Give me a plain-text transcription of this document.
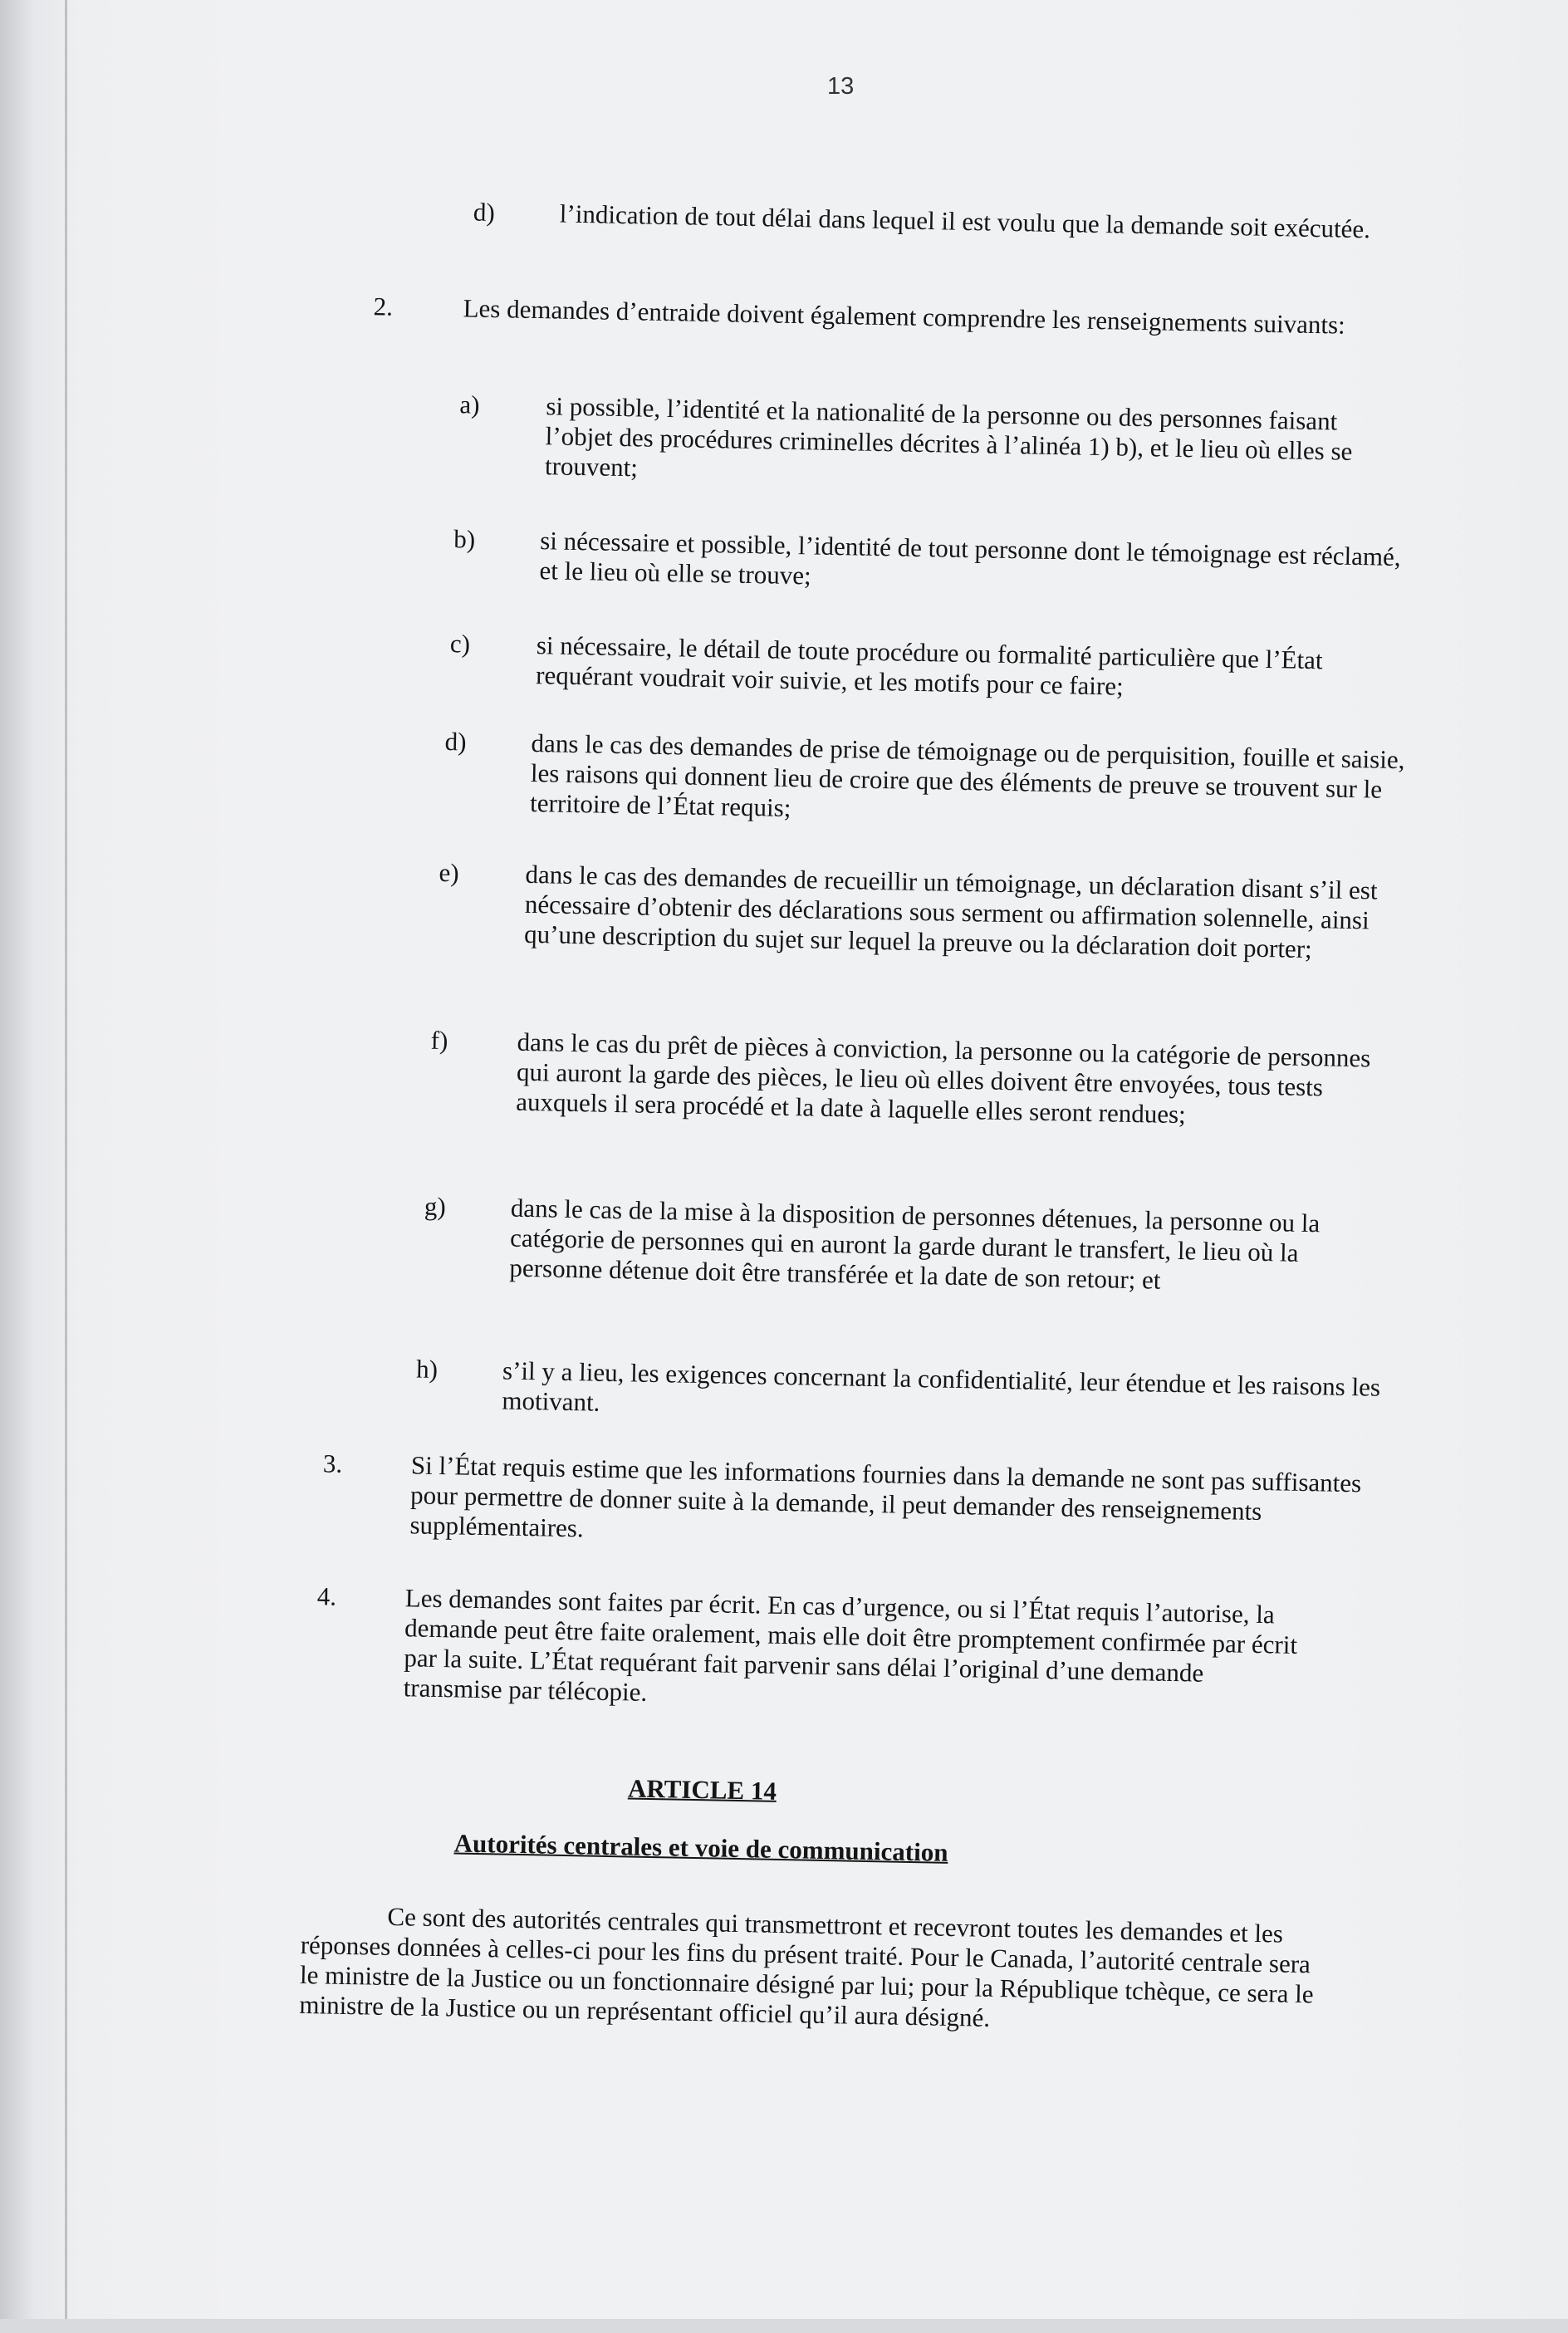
13
d) l’indication de tout délai dans lequel il est voulu que la demande soit exécutée.
2.	Les demandes d’entraide doivent également comprendre les renseignements suivants:
a)	si possible, l’identité et la nationalité de la personne ou des personnes faisant l’objet des procédures criminelles décrites à l’alinéa 1) b), et le lieu où elles se trouvent;
b) si nécessaire et possible, l’identité de tout personne dont le témoignage est réclamé, et le lieu où elle se trouve;
c)	si nécessaire, le détail de toute procédure ou formalité particulière que l’État requérant voudrait voir suivie, et les motifs pour ce faire;
d) dans le cas des demandes de prise de témoignage ou de perquisition, fouille et saisie, les raisons qui donnent lieu de croire que des éléments de preuve se trouvent sur le territoire de l’État requis;
e)	dans le cas des demandes de recueillir un témoignage, un déclaration disant s’il est nécessaire d’obtenir des déclarations sous serment ou affirmation solennelle, ainsi qu’une description du sujet sur lequel la preuve ou la déclaration doit porter;
f)	dans le cas du prêt de pièces à conviction, la personne ou la catégorie de personnes qui auront la garde des pièces, le lieu où elles doivent être envoyées, tous tests auxquels il sera procédé et la date à laquelle elles seront rendues;
g) dans le cas de la mise à la disposition de personnes détenues, la personne ou la catégorie de personnes qui en auront la garde durant le transfert, le lieu où la personne détenue doit être transférée et la date de son retour; et
h) s’il y a lieu, les exigences concernant la confidentialité, leur étendue et les raisons les motivant.
3.	Si l’État requis estime que les informations fournies dans la demande ne sont pas suffisantes pour permettre de donner suite à la demande, il peut demander des renseignements supplémentaires.
4.	Les demandes sont faites par écrit. En cas d’urgence, ou si l’État requis l’autorise, la demande peut être faite oralement, mais elle doit être promptement confirmée par écrit par la suite. L’État requérant fait parvenir sans délai l’original d’une demande transmise par télécopie.
ARTICLE 14
Autorités centrales et voie de communication
Ce sont des autorités centrales qui transmettront et recevront toutes les demandes et les réponses données à celles-ci pour les fins du présent traité. Pour le Canada, l’autorité centrale sera le ministre de la Justice ou un fonctionnaire désigné par lui; pour la République tchèque, ce sera le ministre de la Justice ou un représentant officiel qu’il aura désigné.
